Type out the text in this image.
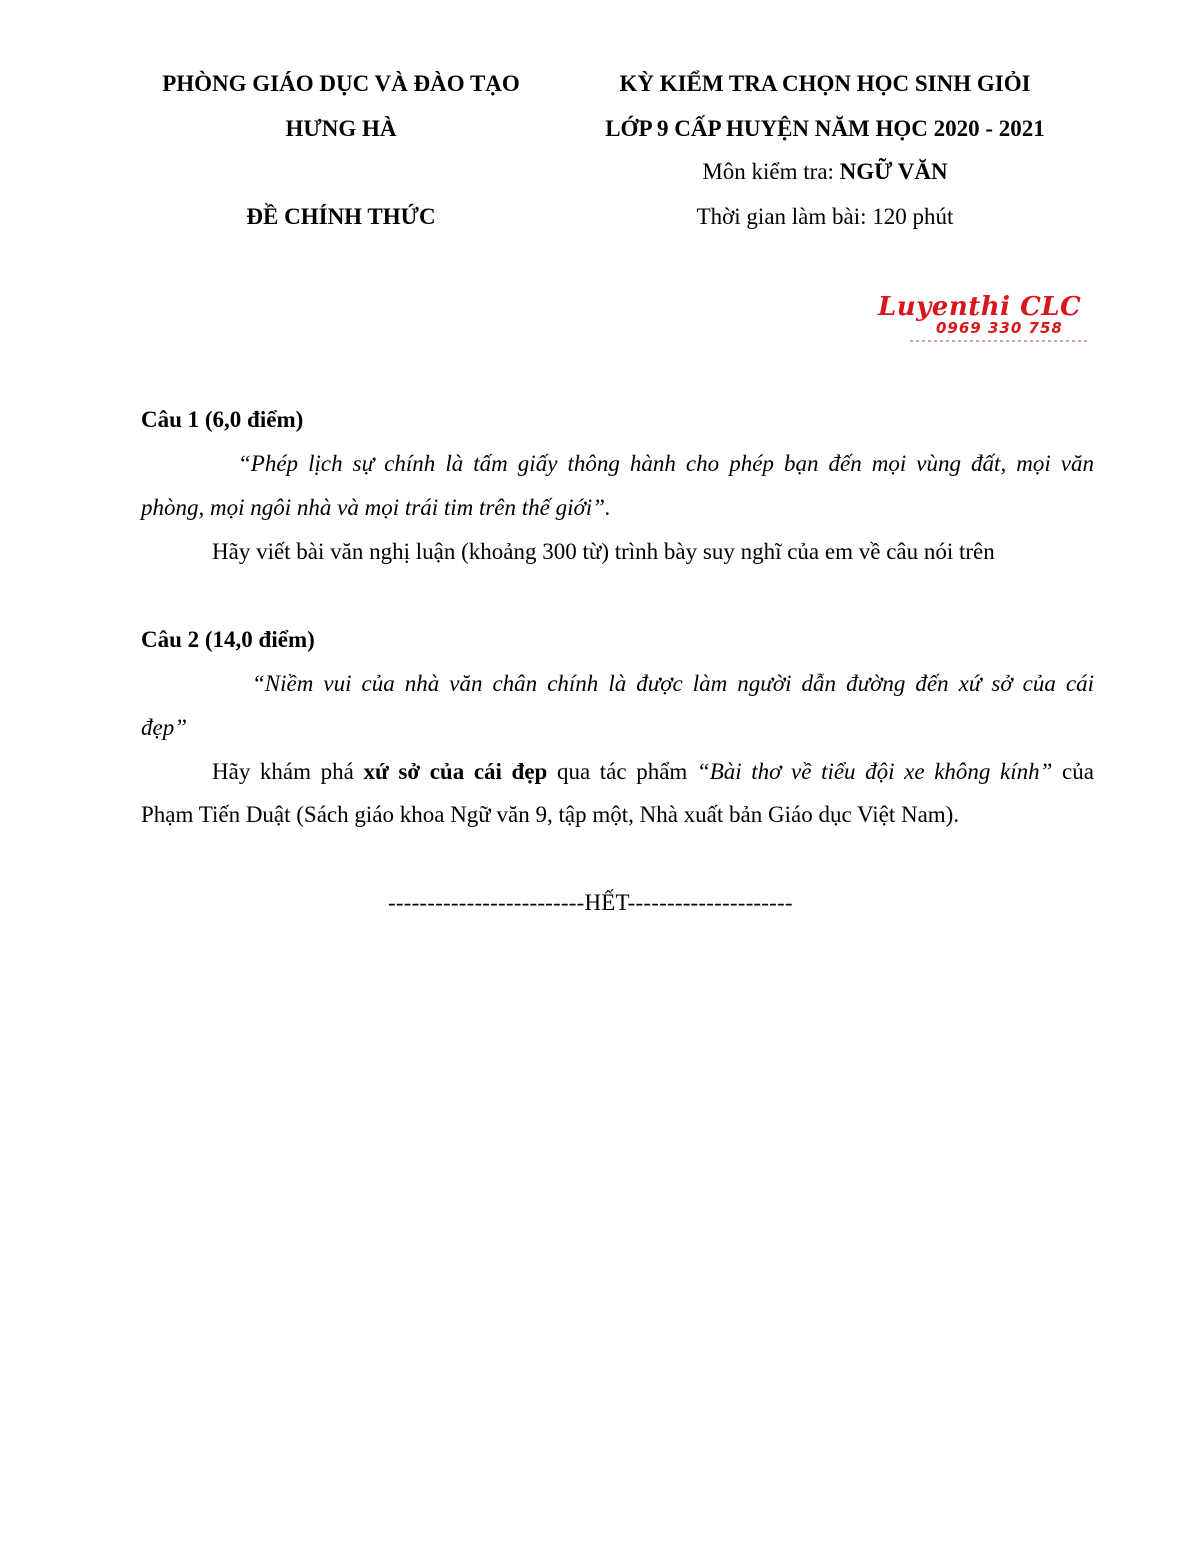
PHÒNG GIÁO DỤC VÀ ĐÀO TẠO
HƯNG HÀ
ĐỀ CHÍNH THỨC
KỲ KIỂM TRA CHỌN HỌC SINH GIỎI
LỚP 9 CẤP HUYỆN NĂM HỌC 2020 - 2021
Môn kiểm tra: NGỮ VĂN
Thời gian làm bài: 120 phút
Luyenthi CLC
0969 330 758
Câu 1 (6,0 điểm)
“Phép lịch sự chính là tấm giấy thông hành cho phép bạn đến mọi vùng đất, mọi văn
phòng, mọi ngôi nhà và mọi trái tim trên thế giới”.
Hãy viết bài văn nghị luận (khoảng 300 từ) trình bày suy nghĩ của em về câu nói trên
Câu 2 (14,0 điểm)
“Niềm vui của nhà văn chân chính là được làm người dẫn đường đến xứ sở của cái
đẹp”
Hãy khám phá xứ sở của cái đẹp qua tác phẩm “Bài thơ về tiểu đội xe không kính” của
Phạm Tiến Duật (Sách giáo khoa Ngữ văn 9, tập một, Nhà xuất bản Giáo dục Việt Nam).
-------------------------HẾT---------------------
